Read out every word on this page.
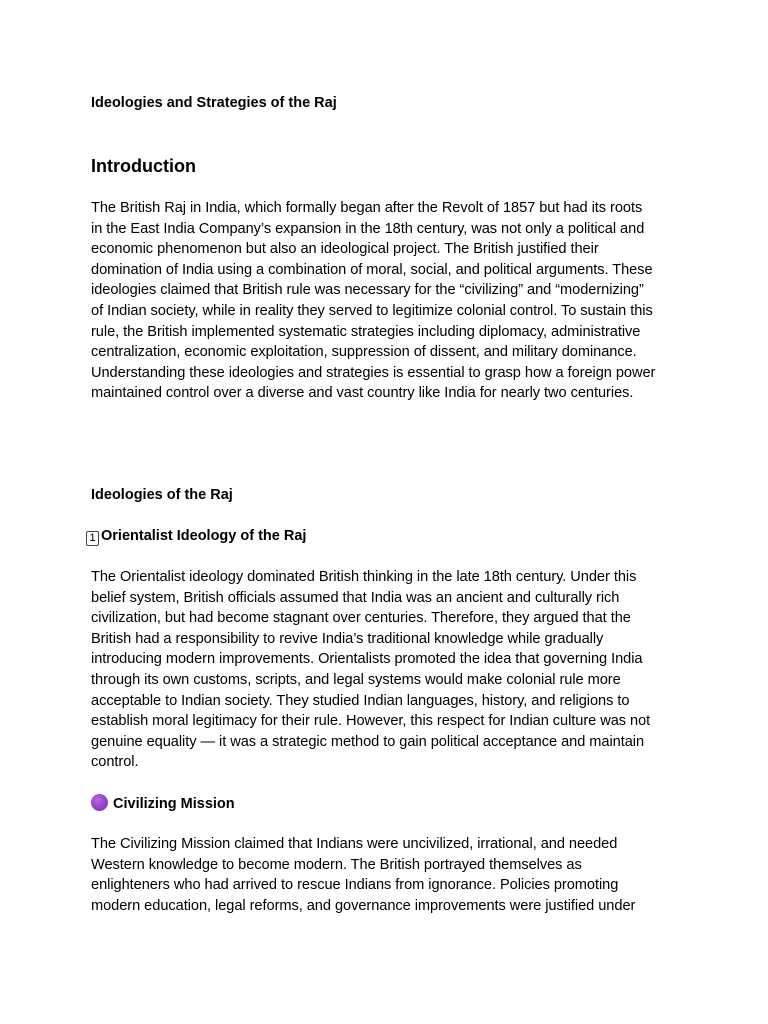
Ideologies and Strategies of the Raj
Introduction
The British Raj in India, which formally began after the Revolt of 1857 but had its roots
in the East India Company’s expansion in the 18th century, was not only a political and
economic phenomenon but also an ideological project. The British justified their
domination of India using a combination of moral, social, and political arguments. These
ideologies claimed that British rule was necessary for the “civilizing” and “modernizing”
of Indian society, while in reality they served to legitimize colonial control. To sustain this
rule, the British implemented systematic strategies including diplomacy, administrative
centralization, economic exploitation, suppression of dissent, and military dominance.
Understanding these ideologies and strategies is essential to grasp how a foreign power
maintained control over a diverse and vast country like India for nearly two centuries.
Ideologies of the Raj
1 Orientalist Ideology of the Raj
The Orientalist ideology dominated British thinking in the late 18th century. Under this
belief system, British officials assumed that India was an ancient and culturally rich
civilization, but had become stagnant over centuries. Therefore, they argued that the
British had a responsibility to revive India’s traditional knowledge while gradually
introducing modern improvements. Orientalists promoted the idea that governing India
through its own customs, scripts, and legal systems would make colonial rule more
acceptable to Indian society. They studied Indian languages, history, and religions to
establish moral legitimacy for their rule. However, this respect for Indian culture was not
genuine equality — it was a strategic method to gain political acceptance and maintain
control.
Civilizing Mission
The Civilizing Mission claimed that Indians were uncivilized, irrational, and needed
Western knowledge to become modern. The British portrayed themselves as
enlighteners who had arrived to rescue Indians from ignorance. Policies promoting
modern education, legal reforms, and governance improvements were justified under
